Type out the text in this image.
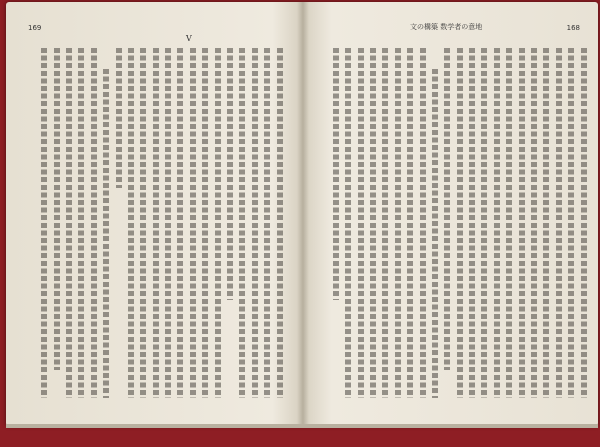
169
V
文の構築 数学者の意地	168
